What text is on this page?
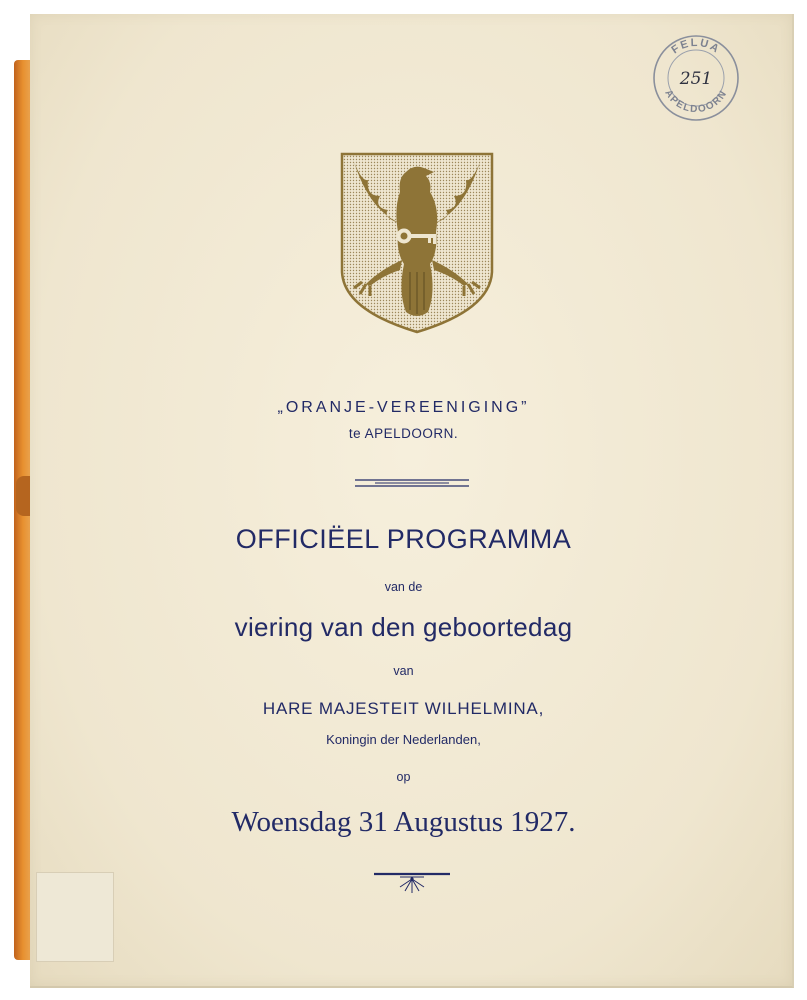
FELUA
APELDOORN
251
„ORANJE-VEREENIGING”
te APELDOORN.
OFFICIËEL PROGRAMMA
van de
viering van den geboortedag
van
HARE MAJESTEIT WILHELMINA,
Koningin der Nederlanden,
op
Woensdag 31 Augustus 1927.
